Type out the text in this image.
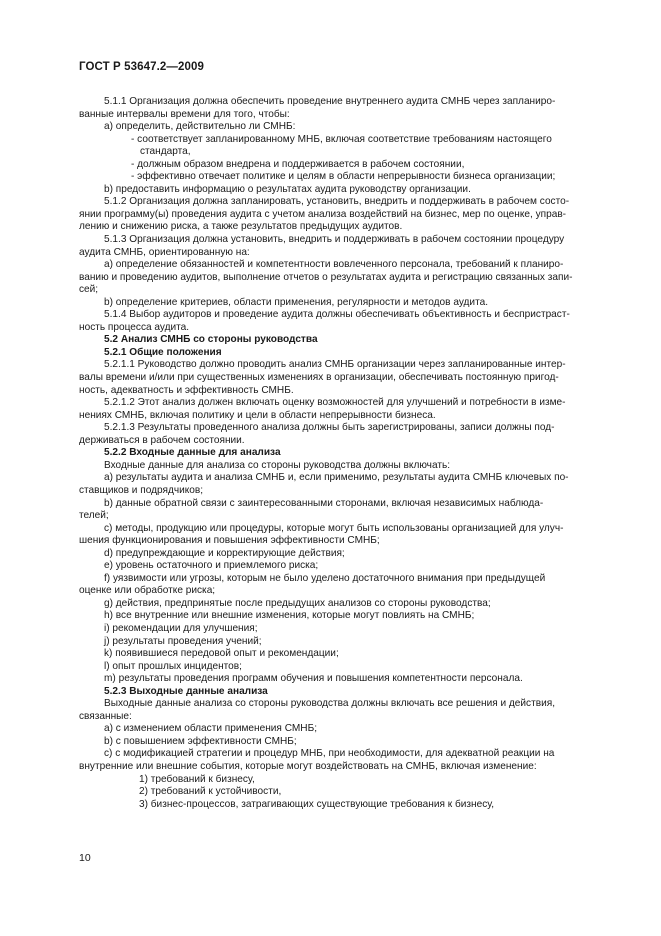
ГОСТ Р 53647.2—2009

5.1.1 Организация должна обеспечить проведение внутреннего аудита СМНБ через запланиро-

ванные интервалы времени для того, чтобы:

а) определить, действительно ли СМНБ:

- соответствует запланированному МНБ, включая соответствие требованиям настоящего

стандарта,

- должным образом внедрена и поддерживается в рабочем состоянии,

- эффективно отвечает политике и целям в области непрерывности бизнеса организации;

b) предоставить информацию о результатах аудита руководству организации.

5.1.2 Организация должна запланировать, установить, внедрить и поддерживать в рабочем состо-

янии программу(ы) проведения аудита с учетом анализа воздействий на бизнес, мер по оценке, управ-

лению и снижению риска, а также результатов предыдущих аудитов.

5.1.3 Организация должна установить, внедрить и поддерживать в рабочем состоянии процедуру

аудита СМНБ, ориентированную на:

а) определение обязанностей и компетентности вовлеченного персонала, требований к планиро-

ванию и проведению аудитов, выполнение отчетов о результатах аудита и регистрацию связанных запи-

сей;

b) определение критериев, области применения, регулярности и методов аудита.

5.1.4 Выбор аудиторов и проведение аудита должны обеспечивать объективность и беспристраст-

ность процесса аудита.

5.2 Анализ СМНБ со стороны руководства

5.2.1 Общие положения

5.2.1.1 Руководство должно проводить анализ СМНБ организации через запланированные интер-

валы времени и/или при существенных изменениях в организации, обеспечивать постоянную пригод-

ность, адекватность и эффективность СМНБ.

5.2.1.2 Этот анализ должен включать оценку возможностей для улучшений и потребности в изме-

нениях СМНБ, включая политику и цели в области непрерывности бизнеса.

5.2.1.3 Результаты проведенного анализа должны быть зарегистрированы, записи должны под-

держиваться в рабочем состоянии.

5.2.2 Входные данные для анализа

Входные данные для анализа со стороны руководства должны включать:

а) результаты аудита и анализа СМНБ и, если применимо, результаты аудита СМНБ ключевых по-

ставщиков и подрядчиков;

b) данные обратной связи с заинтересованными сторонами, включая независимых наблюда-

телей;

с) методы, продукцию или процедуры, которые могут быть использованы организацией для улуч-

шения функционирования и повышения эффективности СМНБ;

d) предупреждающие и корректирующие действия;

е) уровень остаточного и приемлемого риска;

f) уязвимости или угрозы, которым не было уделено достаточного внимания при предыдущей

оценке или обработке риска;

g) действия, предпринятые после предыдущих анализов со стороны руководства;

h) все внутренние или внешние изменения, которые могут повлиять на СМНБ;

i) рекомендации для улучшения;

j) результаты проведения учений;

k) появившиеся передовой опыт и рекомендации;

l) опыт прошлых инцидентов;

m) результаты проведения программ обучения и повышения компетентности персонала.

5.2.3 Выходные данные анализа

Выходные данные анализа со стороны руководства должны включать все решения и действия,

связанные:

а) с изменением области применения СМНБ;

b) с повышением эффективности СМНБ;

с) с модификацией стратегии и процедур МНБ, при необходимости, для адекватной реакции на

внутренние или внешние события, которые могут воздействовать на СМНБ, включая изменение:

1) требований к бизнесу,

2) требований к устойчивости,

3) бизнес-процессов, затрагивающих существующие требования к бизнесу,

10
